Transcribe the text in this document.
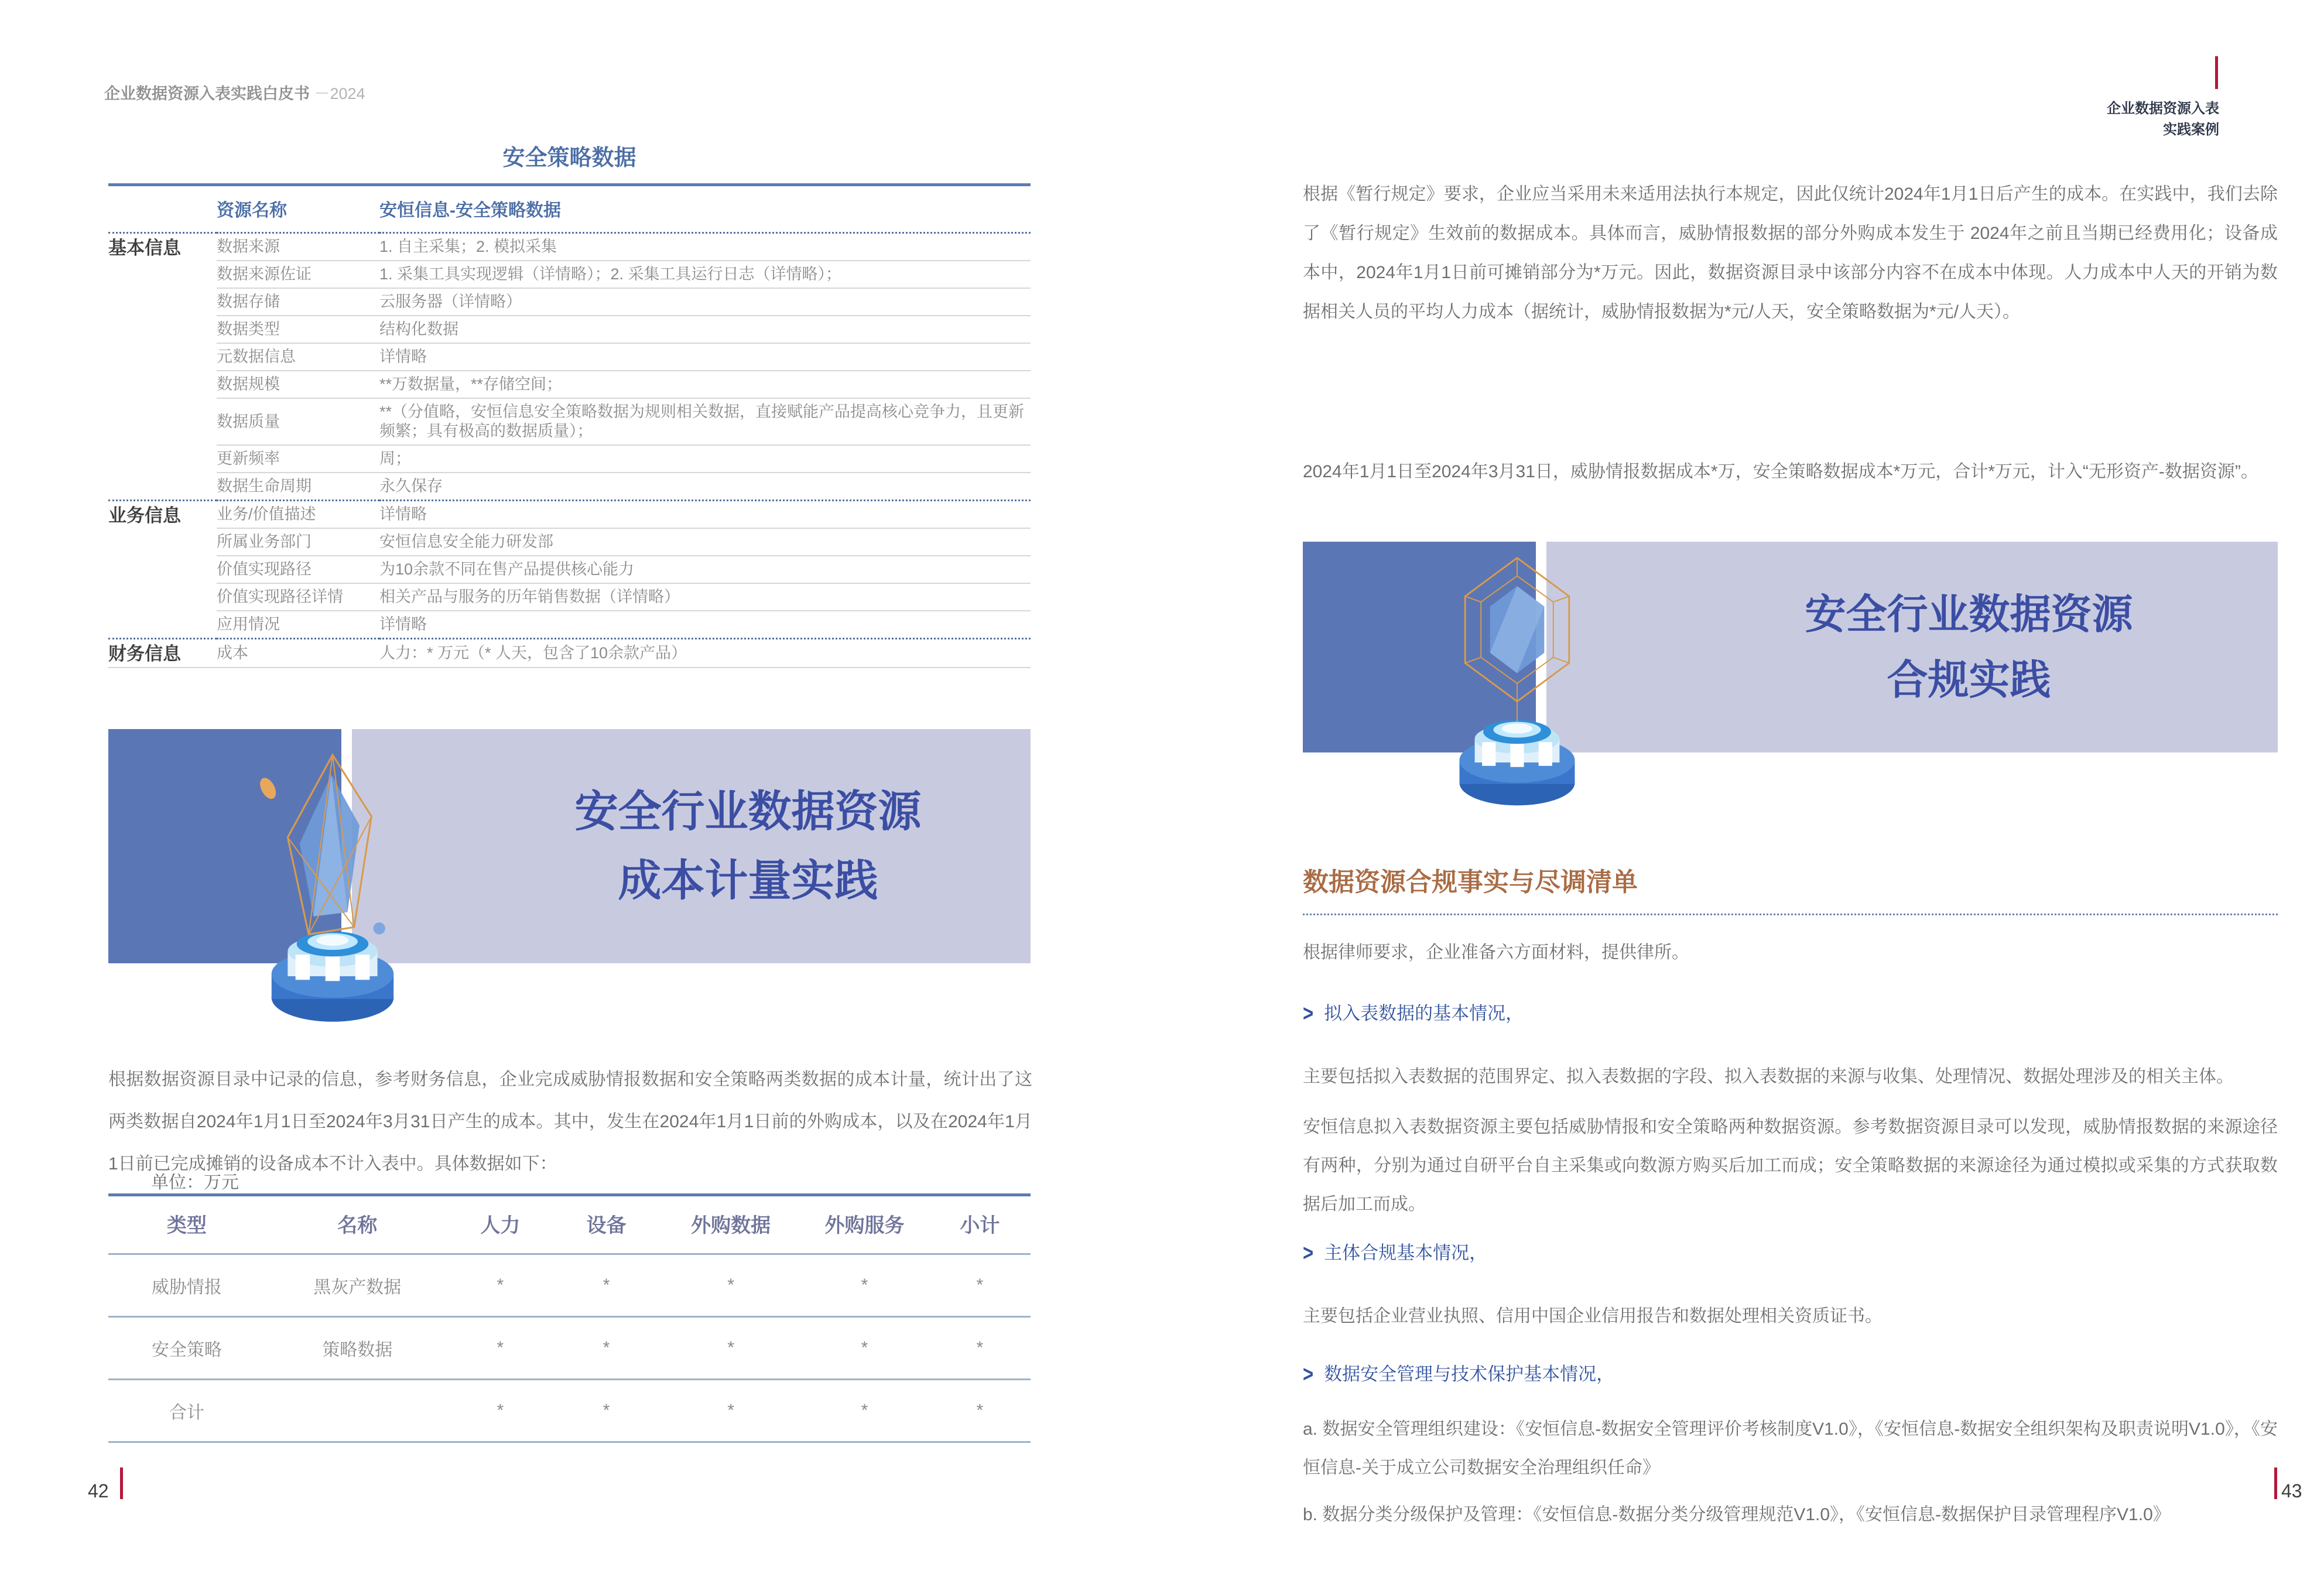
企业数据资源入表实践白皮书 －2024
安全策略数据
	资源名称	安恒信息-安全策略数据
基本信息	数据来源	1. 自主采集；2. 模拟采集
	数据来源佐证	1. 采集工具实现逻辑（详情略）；2. 采集工具运行日志（详情略）；
	数据存储	云服务器（详情略）
	数据类型	结构化数据
	元数据信息	详情略
	数据规模	**万数据量，**存储空间；
	数据质量	**（分值略，安恒信息安全策略数据为规则相关数据，直接赋能产品提高核心竞争力，且更新频繁；具有极高的数据质量）；
	更新频率	周；
	数据生命周期	永久保存
业务信息	业务/价值描述	详情略
	所属业务部门	安恒信息安全能力研发部
	价值实现路径	为10余款不同在售产品提供核心能力
	价值实现路径详情	相关产品与服务的历年销售数据（详情略）
	应用情况	详情略
财务信息	成本	人力：* 万元（* 人天，包含了10余款产品）
安全行业数据资源
成本计量实践

根据数据资源目录中记录的信息，参考财务信息，企业完成威胁情报数据和安全策略两类数据的成本计量，统计出了这两类数据自2024年1月1日至2024年3月31日产生的成本。其中，发生在2024年1月1日前的外购成本，以及在2024年1月1日前已完成摊销的设备成本不计入表中。具体数据如下：

单位：万元
类型	名称	人力	设备	外购数据	外购服务	小计
威胁情报	黑灰产数据	*	*	*	*	*
安全策略	策略数据	*	*	*	*	*
合计		*	*	*	*	*
42
企业数据资源入表
实践案例

根据《暂行规定》要求，企业应当采用未来适用法执行本规定，因此仅统计2024年1月1日后产生的成本。在实践中，我们去除了《暂行规定》生效前的数据成本。具体而言，威胁情报数据的部分外购成本发生于 2024年之前且当期已经费用化；设备成本中，2024年1月1日前可摊销部分为*万元。因此，数据资源目录中该部分内容不在成本中体现。人力成本中人天的开销为数据相关人员的平均人力成本（据统计，威胁情报数据为*元/人天，安全策略数据为*元/人天）。

2024年1月1日至2024年3月31日，威胁情报数据成本*万，安全策略数据成本*万元，合计*万元，计入“无形资产-数据资源”。

安全行业数据资源
合规实践
数据资源合规事实与尽调清单

根据律师要求，企业准备六方面材料，提供律所。

> 拟入表数据的基本情况，

主要包括拟入表数据的范围界定、拟入表数据的字段、拟入表数据的来源与收集、处理情况、数据处理涉及的相关主体。

安恒信息拟入表数据资源主要包括威胁情报和安全策略两种数据资源。参考数据资源目录可以发现，威胁情报数据的来源途径有两种，分别为通过自研平台自主采集或向数源方购买后加工而成；安全策略数据的来源途径为通过模拟或采集的方式获取数据后加工而成。

> 主体合规基本情况，

主要包括企业营业执照、信用中国企业信用报告和数据处理相关资质证书。

> 数据安全管理与技术保护基本情况，

a. 数据安全管理组织建设：《安恒信息-数据安全管理评价考核制度V1.0》，《安恒信息-数据安全组织架构及职责说明V1.0》，《安恒信息-关于成立公司数据安全治理组织任命》

b. 数据分类分级保护及管理：《安恒信息-数据分类分级管理规范V1.0》，《安恒信息-数据保护目录管理程序V1.0》

43
